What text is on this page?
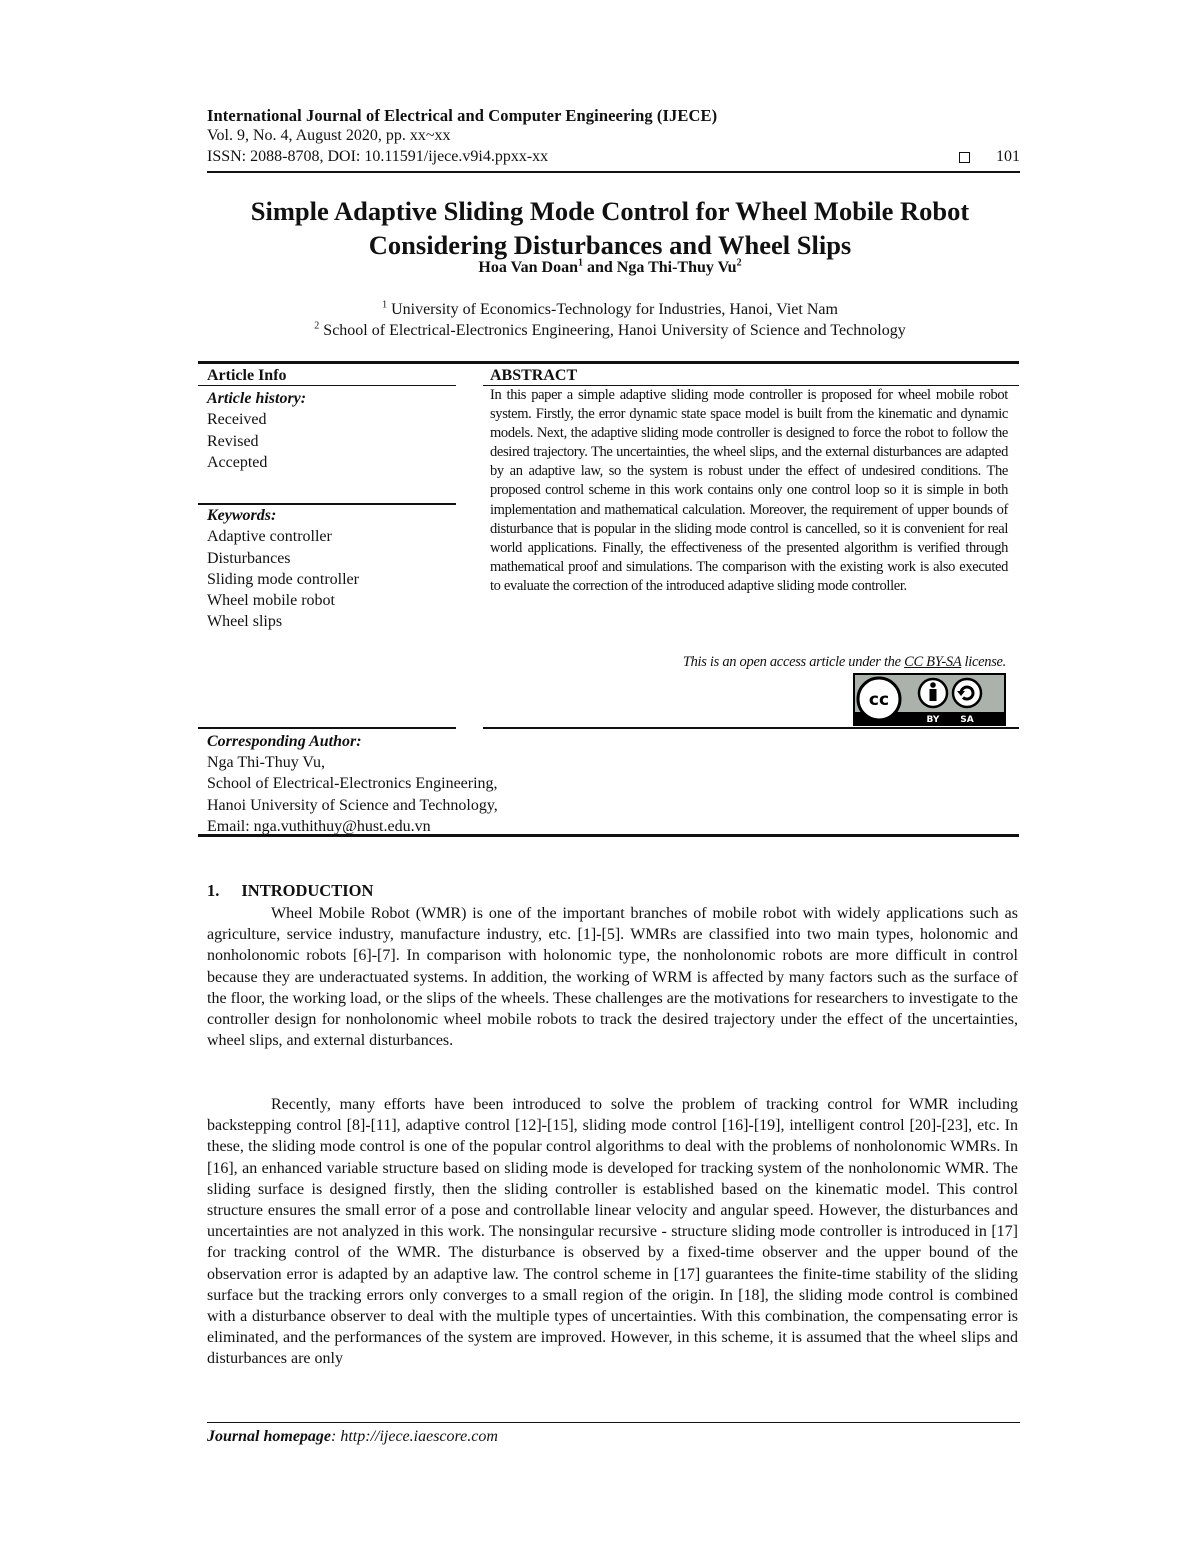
International Journal of Electrical and Computer Engineering (IJECE)
Vol. 9, No. 4, August 2020, pp. xx~xx
ISSN: 2088-8708, DOI: 10.11591/ijece.v9i4.ppxx-xx	101
Simple Adaptive Sliding Mode Control for Wheel Mobile Robot
Considering Disturbances and Wheel Slips
Hoa Van Doan$^1$ and Nga Thi-Thuy Vu$^2$
$^1$ University of Economics-Technology for Industries, Hanoi, Viet Nam
$^2$ School of Electrical-Electronics Engineering, Hanoi University of Science and Technology
Article Info
Article history:
Received
Revised
Accepted
Keywords:
Adaptive controller
Disturbances
Sliding mode controller
Wheel mobile robot
Wheel slips
ABSTRACT
In this paper a simple adaptive sliding mode controller is proposed for wheel mobile robot system. Firstly, the error dynamic state space model is built from the kinematic and dynamic models. Next, the adaptive sliding mode controller is designed to force the robot to follow the desired trajectory. The uncertainties, the wheel slips, and the external disturbances are adapted by an adaptive law, so the system is robust under the effect of undesired conditions. The proposed control scheme in this work contains only one control loop so it is simple in both implementation and mathematical calculation. Moreover, the requirement of upper bounds of disturbance that is popular in the sliding mode control is cancelled, so it is convenient for real world applications. Finally, the effectiveness of the presented algorithm is verified through mathematical proof and simulations. The comparison with the existing work is also executed to evaluate the correction of the introduced adaptive sliding mode controller.
This is an open access article under the CC BY-SA license.
cc
BY SA
Corresponding Author:
Nga Thi-Thuy Vu,
School of Electrical-Electronics Engineering,
Hanoi University of Science and Technology,
Email: nga.vuthithuy@hust.edu.vn
1. INTRODUCTION
Wheel Mobile Robot (WMR) is one of the important branches of mobile robot with widely applications such as agriculture, service industry, manufacture industry, etc. [1]-[5]. WMRs are classified into two main types, holonomic and nonholonomic robots [6]-[7]. In comparison with holonomic type, the nonholonomic robots are more difficult in control because they are underactuated systems. In addition, the working of WRM is affected by many factors such as the surface of the floor, the working load, or the slips of the wheels. These challenges are the motivations for researchers to investigate to the controller design for nonholonomic wheel mobile robots to track the desired trajectory under the effect of the uncertainties, wheel slips, and external disturbances.
Recently, many efforts have been introduced to solve the problem of tracking control for WMR including backstepping control [8]-[11], adaptive control [12]-[15], sliding mode control [16]-[19], intelligent control [20]-[23], etc. In these, the sliding mode control is one of the popular control algorithms to deal with the problems of nonholonomic WMRs. In [16], an enhanced variable structure based on sliding mode is developed for tracking system of the nonholonomic WMR. The sliding surface is designed firstly, then the sliding controller is established based on the kinematic model. This control structure ensures the small error of a pose and controllable linear velocity and angular speed. However, the disturbances and uncertainties are not analyzed in this work. The nonsingular recursive - structure sliding mode controller is introduced in [17] for tracking control of the WMR. The disturbance is observed by a fixed-time observer and the upper bound of the observation error is adapted by an adaptive law. The control scheme in [17] guarantees the finite-time stability of the sliding surface but the tracking errors only converges to a small region of the origin. In [18], the sliding mode control is combined with a disturbance observer to deal with the multiple types of uncertainties. With this combination, the compensating error is eliminated, and the performances of the system are improved. However, in this scheme, it is assumed that the wheel slips and disturbances are only
Journal homepage: http://ijece.iaescore.com
